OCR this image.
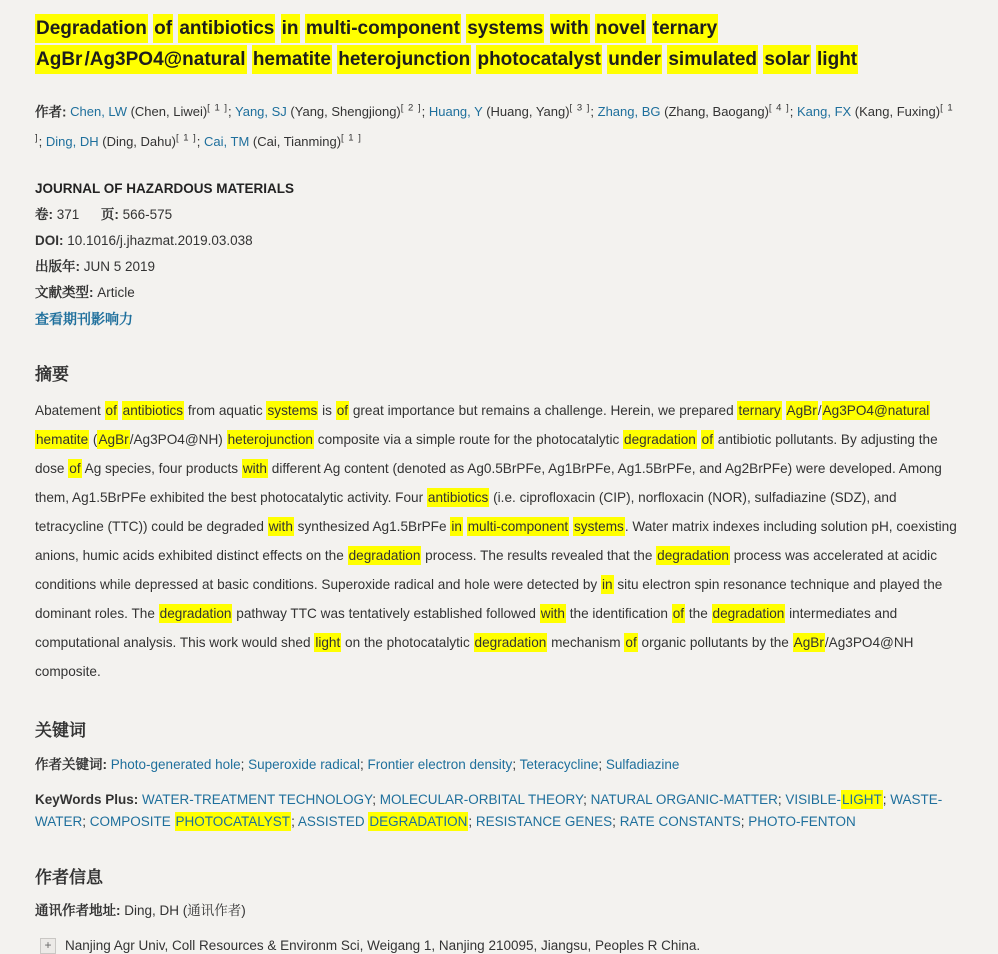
Degradation of antibiotics in multi-component systems with novel ternary AgBr /Ag3PO4@natural hematite heterojunction photocatalyst under simulated solar light
作者: Chen, LW (Chen, Liwei)[ 1 ]; Yang, SJ (Yang, Shengjiong)[ 2 ]; Huang, Y (Huang, Yang)[ 3 ]; Zhang, BG (Zhang, Baogang)[ 4 ]; Kang, FX (Kang, Fuxing)[ 1 ]; Ding, DH (Ding, Dahu)[ 1 ]; Cai, TM (Cai, Tianming)[ 1 ]
JOURNAL OF HAZARDOUS MATERIALS
卷: 371 页: 566-575
DOI: 10.1016/j.jhazmat.2019.03.038
出版年: JUN 5 2019
文献类型: Article
查看期刊影响力
摘要

Abatement of antibiotics from aquatic systems is of great importance but remains a challenge. Herein, we prepared ternary AgBr/Ag3PO4@natural hematite (AgBr/Ag3PO4@NH) heterojunction composite via a simple route for the photocatalytic degradation of antibiotic pollutants. By adjusting the dose of Ag species, four products with different Ag content (denoted as Ag0.5BrPFe, Ag1BrPFe, Ag1.5BrPFe, and Ag2BrPFe) were developed. Among them, Ag1.5BrPFe exhibited the best photocatalytic activity. Four antibiotics (i.e. ciprofloxacin (CIP), norfloxacin (NOR), sulfadiazine (SDZ), and tetracycline (TTC)) could be degraded with synthesized Ag1.5BrPFe in multi-component systems. Water matrix indexes including solution pH, coexisting anions, humic acids exhibited distinct effects on the degradation process. The results revealed that the degradation process was accelerated at acidic conditions while depressed at basic conditions. Superoxide radical and hole were detected by in situ electron spin resonance technique and played the dominant roles. The degradation pathway TTC was tentatively established followed with the identification of the degradation intermediates and computational analysis. This work would shed light on the photocatalytic degradation mechanism of organic pollutants by the AgBr/Ag3PO4@NH composite.

关键词
作者关键词: Photo-generated hole; Superoxide radical; Frontier electron density; Teteracycline; Sulfadiazine
KeyWords Plus: WATER-TREATMENT TECHNOLOGY; MOLECULAR-ORBITAL THEORY; NATURAL ORGANIC-MATTER; VISIBLE-LIGHT; WASTE-WATER; COMPOSITE PHOTOCATALYST; ASSISTED DEGRADATION; RESISTANCE GENES; RATE CONSTANTS; PHOTO-FENTON
作者信息
通讯作者地址: Ding, DH (通讯作者)
+	Nanjing Agr Univ, Coll Resources & Environm Sci, Weigang 1, Nanjing 210095, Jiangsu, Peoples R China.
